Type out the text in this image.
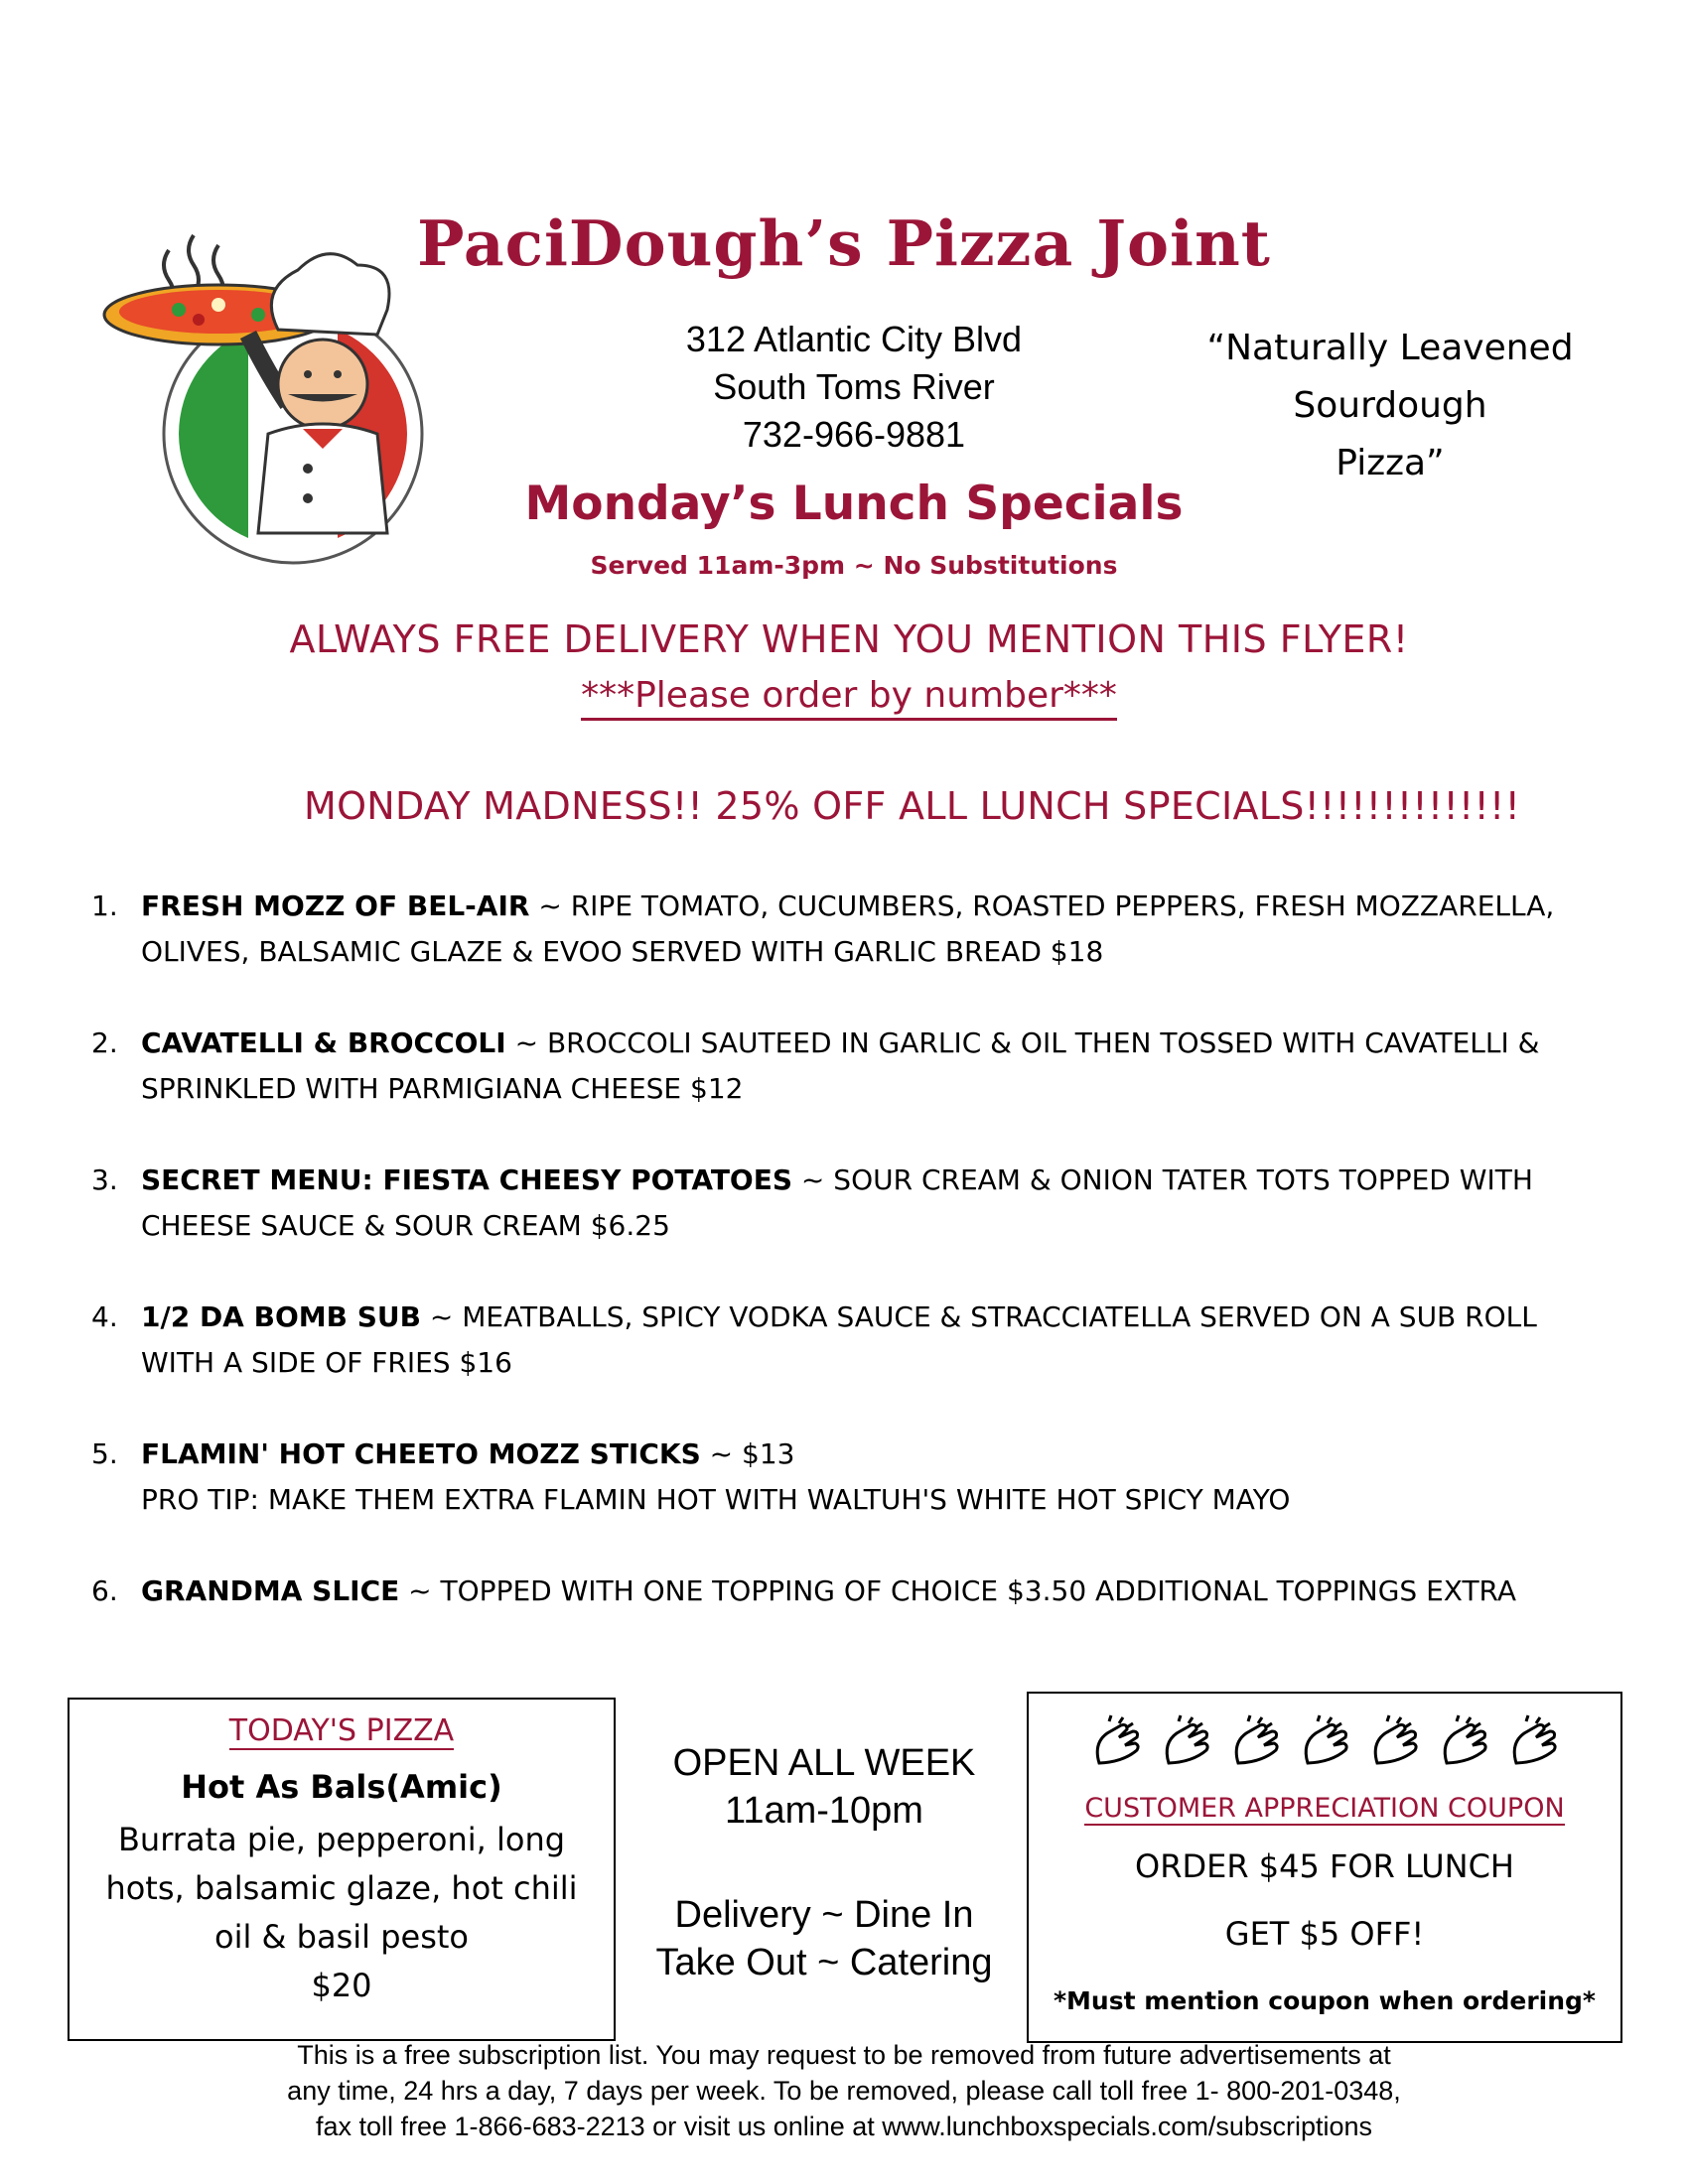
PaciDough’s Pizza Joint
312 Atlantic City Blvd
South Toms River
732-966-9881
“Naturally Leavened
Sourdough
Pizza”
Monday’s Lunch Specials
Served 11am-3pm ~ No Substitutions
ALWAYS FREE DELIVERY WHEN YOU MENTION THIS FLYER!
***Please order by number***
MONDAY MADNESS!! 25% OFF ALL LUNCH SPECIALS!!!!!!!!!!!!!!
1. FRESH MOZZ OF BEL-AIR ~ RIPE TOMATO, CUCUMBERS, ROASTED PEPPERS, FRESH MOZZARELLA, OLIVES, BALSAMIC GLAZE & EVOO SERVED WITH GARLIC BREAD $18
2. CAVATELLI & BROCCOLI ~ BROCCOLI SAUTEED IN GARLIC & OIL THEN TOSSED WITH CAVATELLI & SPRINKLED WITH PARMIGIANA CHEESE $12
3. SECRET MENU: FIESTA CHEESY POTATOES ~ SOUR CREAM & ONION TATER TOTS TOPPED WITH CHEESE SAUCE & SOUR CREAM $6.25
4. 1/2 DA BOMB SUB ~ MEATBALLS, SPICY VODKA SAUCE & STRACCIATELLA SERVED ON A SUB ROLL WITH A SIDE OF FRIES $16
5. FLAMIN' HOT CHEETO MOZZ STICKS ~ $13
PRO TIP: MAKE THEM EXTRA FLAMIN HOT WITH WALTUH'S WHITE HOT SPICY MAYO
6. GRANDMA SLICE ~ TOPPED WITH ONE TOPPING OF CHOICE $3.50 ADDITIONAL TOPPINGS EXTRA
TODAY'S PIZZA
Hot As Bals(Amic)
Burrata pie, pepperoni, long hots, balsamic glaze, hot chili oil & basil pesto
$20
OPEN ALL WEEK
11am-10pm
Delivery ~ Dine In
Take Out ~ Catering
CUSTOMER APPRECIATION COUPON
ORDER $45 FOR LUNCH
GET $5 OFF!
*Must mention coupon when ordering*
This is a free subscription list. You may request to be removed from future advertisements at
any time, 24 hrs a day, 7 days per week. To be removed, please call toll free 1- 800-201-0348,
fax toll free 1-866-683-2213 or visit us online at www.lunchboxspecials.com/subscriptions
